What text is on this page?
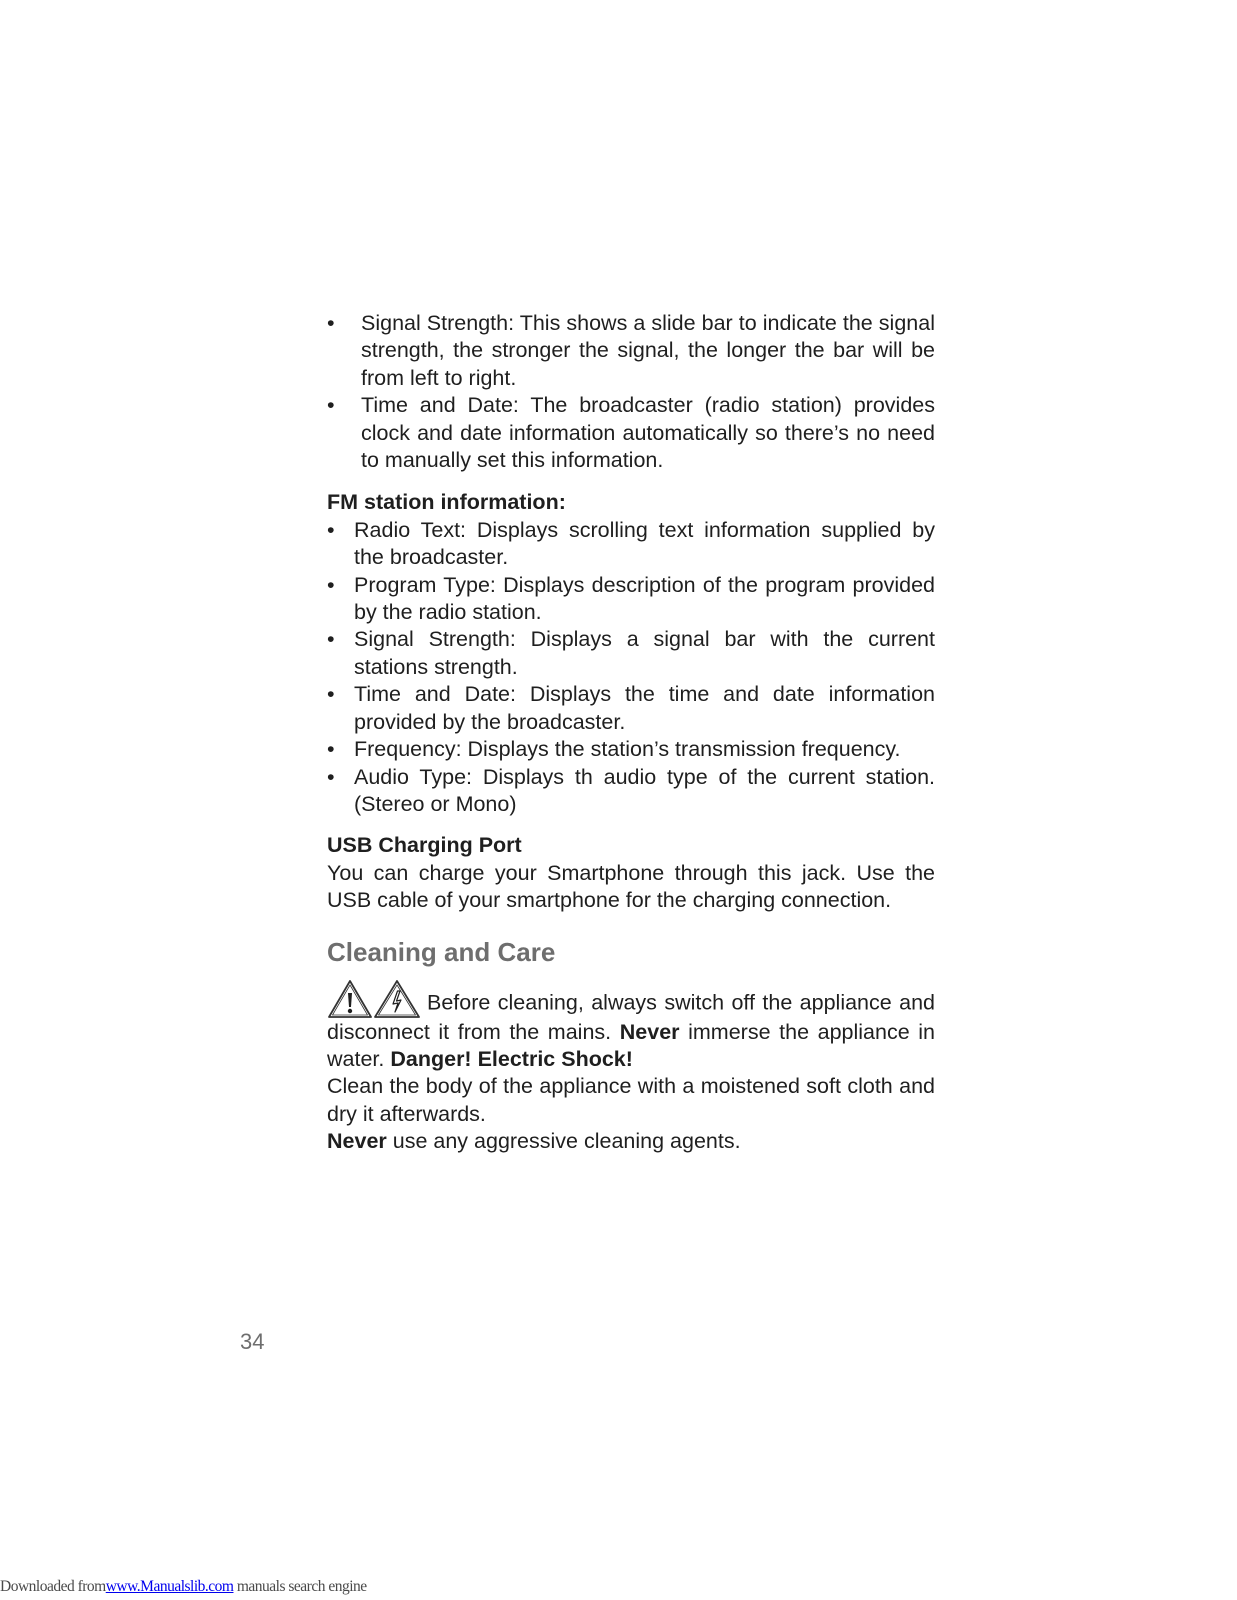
• Signal Strength: This shows a slide bar to indicate the signal strength, the stronger the signal, the longer the bar will be from left to right.
• Time and Date: The broadcaster (radio station) provides clock and date information automatically so there’s no need to manually set this information.
FM station information:
• Radio Text: Displays scrolling text information supplied by the broadcaster.
• Program Type: Displays description of the program provided by the radio station.
• Signal Strength: Displays a signal bar with the current stations strength.
• Time and Date: Displays the time and date information provided by the broadcaster.
• Frequency: Displays the station’s transmission frequency.
• Audio Type: Displays th audio type of the current station. (Stereo or Mono)
USB Charging Port

You can charge your Smartphone through this jack. Use the USB cable of your smartphone for the charging connection.

Cleaning and Care

Before cleaning, always switch off the appliance and disconnect it from the mains. Never immerse the appliance in water. Danger! Electric Shock!

Clean the body of the appliance with a moistened soft cloth and dry it afterwards.

Never use any aggressive cleaning agents.

34
Downloaded fromwww.Manualslib.com manuals search engine
